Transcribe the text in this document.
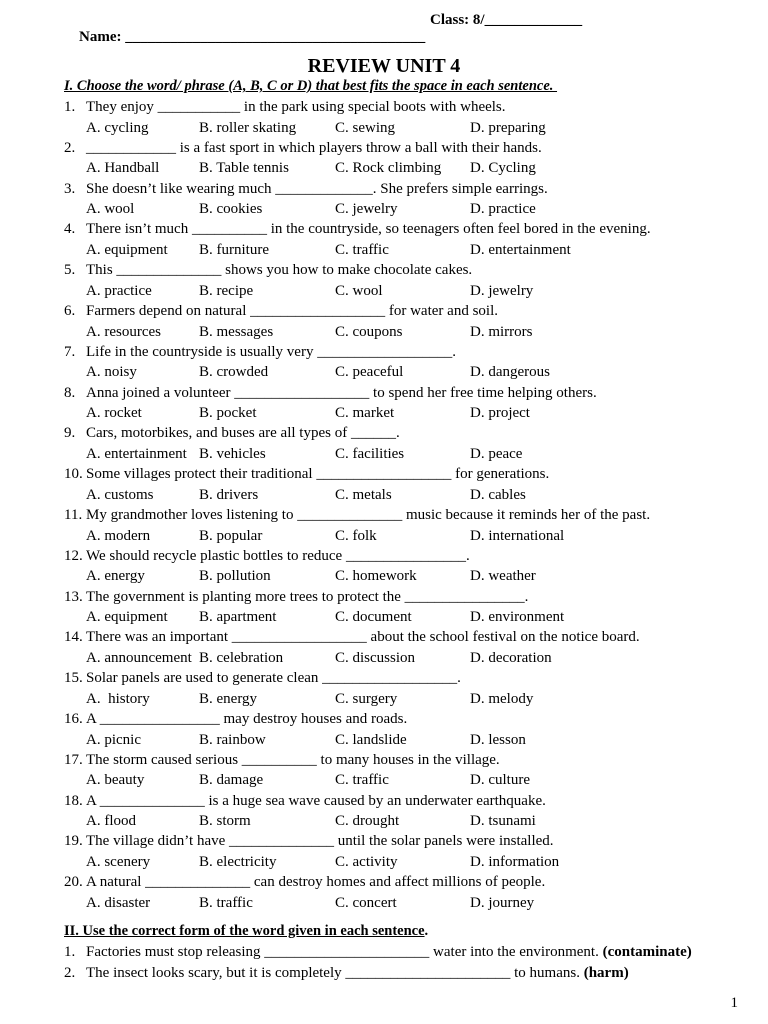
Name: ________________________________________

Class: 8/_____________

REVIEW UNIT 4
I. Choose the word/ phrase (A, B, C or D) that best fits the space in each sentence.
1. They enjoy ___________ in the park using special boots with wheels.
A. cycling	B. roller skating	C. sewing	D. preparing
2. ____________ is a fast sport in which players throw a ball with their hands.
A. Handball	B. Table tennis	C. Rock climbing D. Cycling
3. She doesn’t like wearing much _____________. She prefers simple earrings.
A. wool	B. cookies	C. jewelry	D. practice
4. There isn’t much __________ in the countryside, so teenagers often feel bored in the evening.
A. equipment B. furniture	C. traffic	D. entertainment
5. This ______________ shows you how to make chocolate cakes.
A. practice	B. recipe	C. wool	D. jewelry
6. Farmers depend on natural __________________ for water and soil.
A. resources	B. messages	C. coupons	D. mirrors
7. Life in the countryside is usually very __________________.
A. noisy	B. crowded	C. peaceful	D. dangerous
8. Anna joined a volunteer __________________ to spend her free time helping others.
A. rocket	B. pocket	C. market	D. project
9. Cars, motorbikes, and buses are all types of ______.
A. entertainment B. vehicles	C. facilities	D. peace
10. Some villages protect their traditional __________________ for generations.
A. customs	B. drivers	C. metals	D. cables
11. My grandmother loves listening to ______________ music because it reminds her of the past.
A. modern	B. popular	C. folk	D. international
12. We should recycle plastic bottles to reduce ________________.
A. energy	B. pollution	C. homework	D. weather
13. The government is planting more trees to protect the ________________.
A. equipment B. apartment	C. document	D. environment
14. There was an important __________________ about the school festival on the notice board.
A. announcement B. celebration	C. discussion	D. decoration
15. Solar panels are used to generate clean __________________.
A.  history	B. energy	C. surgery	D. melody
16. A ________________ may destroy houses and roads.
A. picnic	B. rainbow	C. landslide	D. lesson
17. The storm caused serious __________ to many houses in the village.
A. beauty	B. damage	C. traffic	D. culture
18. A ______________ is a huge sea wave caused by an underwater earthquake.
A. flood	B. storm	C. drought	D. tsunami
19. The village didn’t have ______________ until the solar panels were installed.
A. scenery	B. electricity	C. activity	D. information
20. A natural ______________ can destroy homes and affect millions of people.
A. disaster	B. traffic	C. concert	D. journey
II. Use the correct form of the word given in each sentence.
1. Factories must stop releasing ______________________ water into the environment. (contaminate)
2. The insect looks scary, but it is completely ______________________ to humans. (harm)
1
